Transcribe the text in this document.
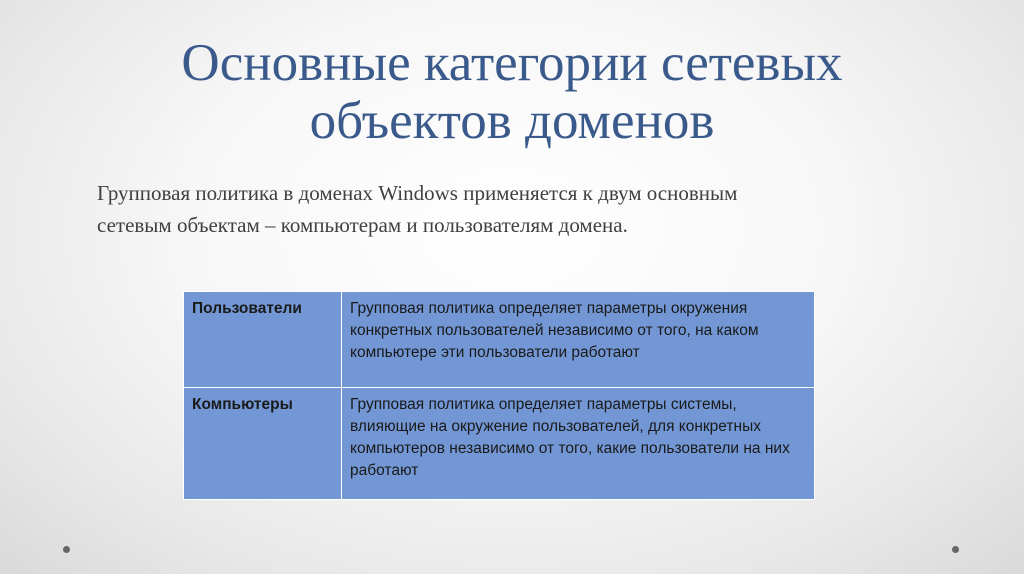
Основные категории сетевых
объектов доменов

Групповая политика в доменах Windows применяется к двум основным
сетевым объектам – компьютерам и пользователям домена.

Пользователи	Групповая политика определяет параметры окружения конкретных пользователей независимо от того, на каком компьютере эти пользователи работают
Компьютеры	Групповая политика определяет параметры системы, влияющие на окружение пользователей, для конкретных компьютеров независимо от того, какие пользователи на них работают
